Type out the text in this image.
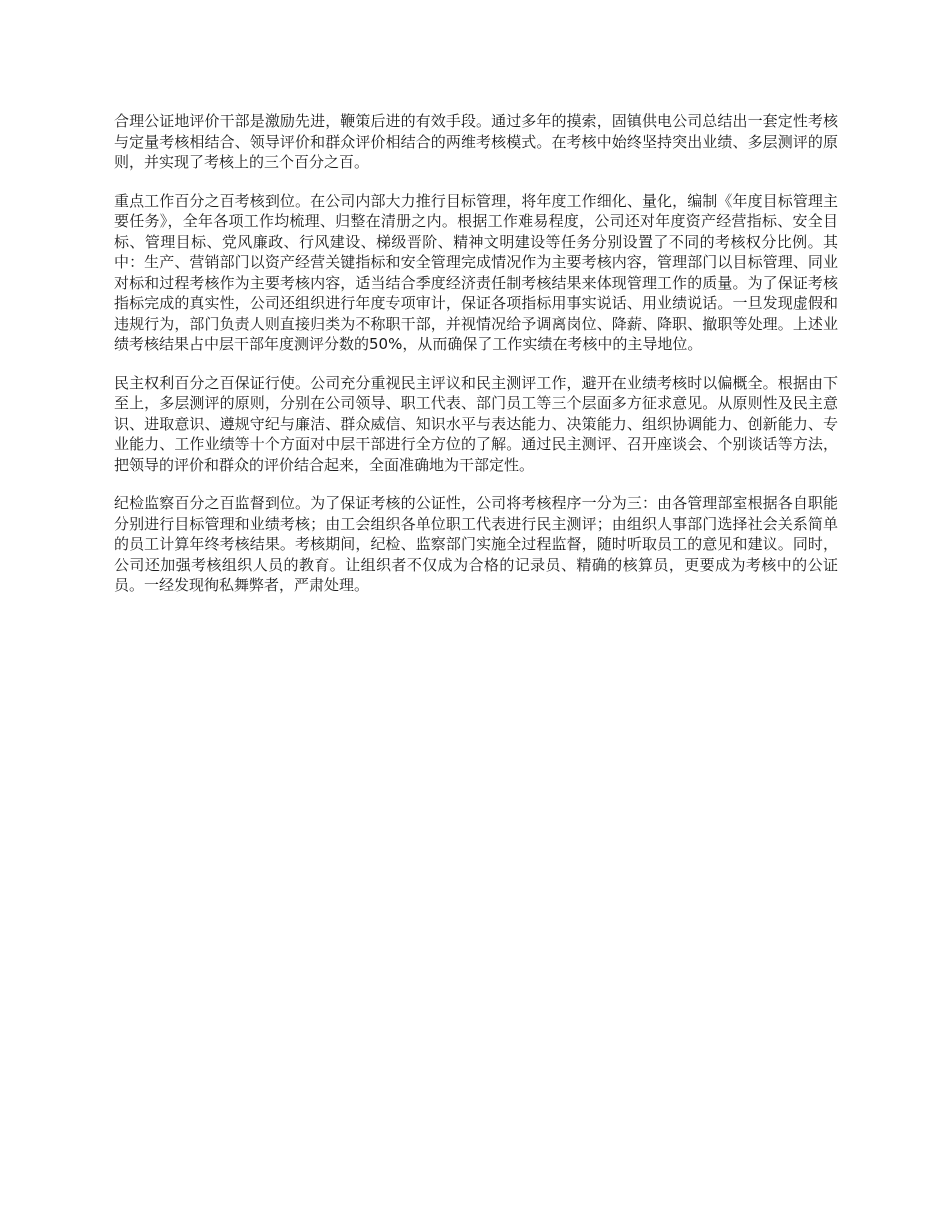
合理公证地评价干部是激励先进，鞭策后进的有效手段。通过多年的摸索，固镇供电公司总结出一套定性考核与定量考核相结合、领导评价和群众评价相结合的两维考核模式。在考核中始终坚持突出业绩、多层测评的原则，并实现了考核上的三个百分之百。

重点工作百分之百考核到位。在公司内部大力推行目标管理，将年度工作细化、量化，编制《年度目标管理主要任务》，全年各项工作均梳理、归整在清册之内。根据工作难易程度，公司还对年度资产经营指标、安全目标、管理目标、党风廉政、行风建设、梯级晋阶、精神文明建设等任务分别设置了不同的考核权分比例。其中：生产、营销部门以资产经营关键指标和安全管理完成情况作为主要考核内容，管理部门以目标管理、同业对标和过程考核作为主要考核内容，适当结合季度经济责任制考核结果来体现管理工作的质量。为了保证考核指标完成的真实性，公司还组织进行年度专项审计，保证各项指标用事实说话、用业绩说话。一旦发现虚假和违规行为，部门负责人则直接归类为不称职干部，并视情况给予调离岗位、降薪、降职、撤职等处理。上述业绩考核结果占中层干部年度测评分数的50%，从而确保了工作实绩在考核中的主导地位。

民主权利百分之百保证行使。公司充分重视民主评议和民主测评工作，避开在业绩考核时以偏概全。根据由下至上，多层测评的原则，分别在公司领导、职工代表、部门员工等三个层面多方征求意见。从原则性及民主意识、进取意识、遵规守纪与廉洁、群众威信、知识水平与表达能力、决策能力、组织协调能力、创新能力、专业能力、工作业绩等十个方面对中层干部进行全方位的了解。通过民主测评、召开座谈会、个别谈话等方法，把领导的评价和群众的评价结合起来，全面准确地为干部定性。

纪检监察百分之百监督到位。为了保证考核的公证性，公司将考核程序一分为三：由各管理部室根据各自职能分别进行目标管理和业绩考核；由工会组织各单位职工代表进行民主测评；由组织人事部门选择社会关系简单的员工计算年终考核结果。考核期间，纪检、监察部门实施全过程监督，随时听取员工的意见和建议。同时，公司还加强考核组织人员的教育。让组织者不仅成为合格的记录员、精确的核算员，更要成为考核中的公证员。一经发现徇私舞弊者，严肃处理。
